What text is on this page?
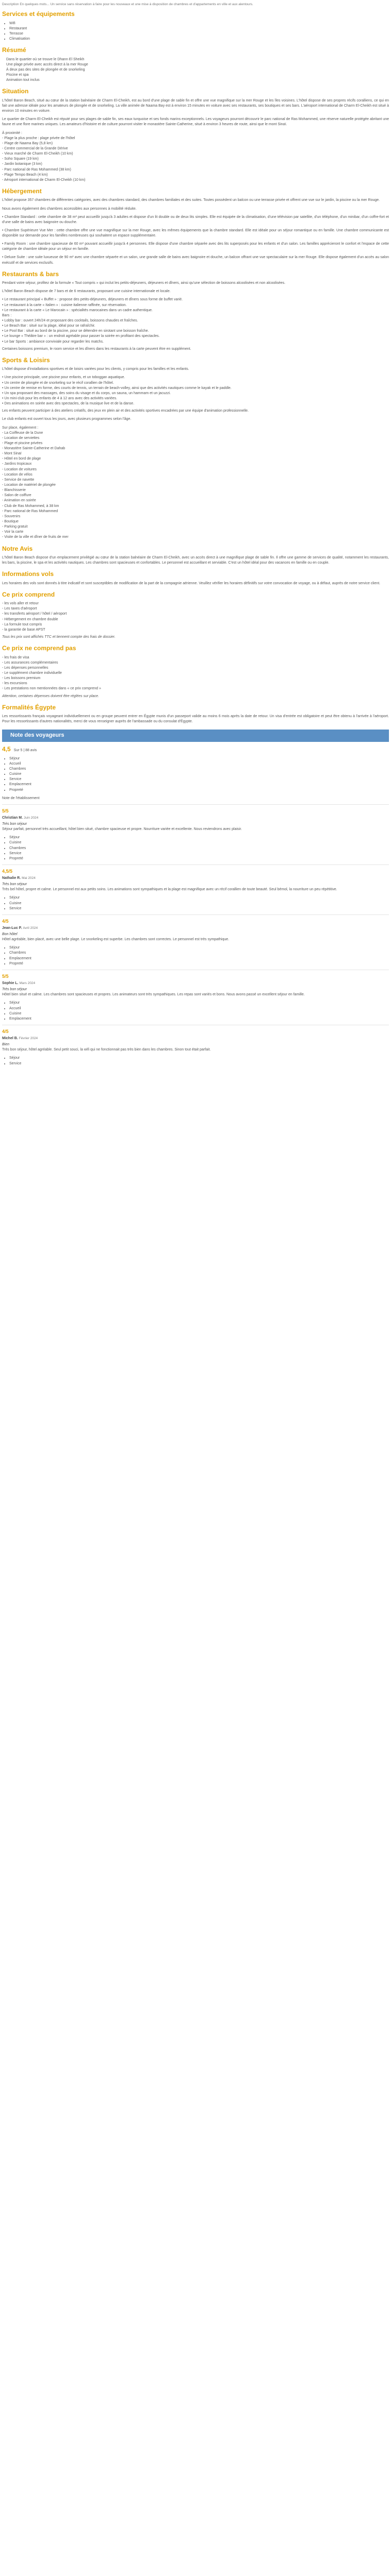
Description En quelques mots... Un service sans réservation à faire pour les nouveaux et une mise à disposition de chambres et d'appartements en ville et aux alentours.

Services et équipements
• Wifi
• Restaurant
• Terrasse
• Climatisation
Résumé
Dans le quartier où se trouve le Dhann El Sheikh
Une plage privée avec accès direct à la mer Rouge
À deux pas des sites de plongée et de snorkeling
Piscine et spa
Animation tout inclus
Situation

L'hôtel Baron Beach, situé au cœur de la station balnéaire de Charm El-Cheikh, est au bord d'une plage de sable fin et offre une vue magnifique sur la mer Rouge et les îles voisines. L'hôtel dispose de ses propres récifs coralliens, ce qui en fait une adresse idéale pour les amateurs de plongée et de snorkeling. La ville animée de Naama Bay est à environ 15 minutes en voiture avec ses restaurants, ses boutiques et ses bars. L'aéroport international de Charm El-Cheikh est situé à environ 10 minutes en voiture.

Le quartier de Charm El-Cheikh est réputé pour ses plages de sable fin, ses eaux turquoise et ses fonds marins exceptionnels. Les voyageurs pourront découvrir le parc national de Ras Mohammed, une réserve naturelle protégée abritant une faune et une flore marines uniques. Les amateurs d'histoire et de culture pourront visiter le monastère Sainte-Catherine, situé à environ 3 heures de route, ainsi que le mont Sinaï.

À proximité :
- Plage la plus proche : plage privée de l'hôtel
- Plage de Naama Bay (5,8 km)
- Centre commercial de la Grande Dérive
- Vieux marché de Charm El-Cheikh (10 km)
- Soho Square (19 km)
- Jardin botanique (3 km)
- Parc national de Ras Mohammed (38 km)
- Plage Tempo Beach (4 km)
- Aéroport international de Charm El-Cheikh (10 km)
Hébergement

L'hôtel propose 357 chambres de différentes catégories, avec des chambres standard, des chambres familiales et des suites. Toutes possèdent un balcon ou une terrasse privée et offrent une vue sur le jardin, la piscine ou la mer Rouge.

Nous avons également des chambres accessibles aux personnes à mobilité réduite.

• Chambre Standard : cette chambre de 38 m² peut accueillir jusqu'à 3 adultes et dispose d'un lit double ou de deux lits simples. Elle est équipée de la climatisation, d'une télévision par satellite, d'un téléphone, d'un minibar, d'un coffre-fort et d'une salle de bains avec baignoire ou douche.

• Chambre Supérieure Vue Mer : cette chambre offre une vue magnifique sur la mer Rouge, avec les mêmes équipements que la chambre standard. Elle est idéale pour un séjour romantique ou en famille. Une chambre communicante est disponible sur demande pour les familles nombreuses qui souhaitent un espace supplémentaire.

• Family Room : une chambre spacieuse de 60 m² pouvant accueillir jusqu'à 4 personnes. Elle dispose d'une chambre séparée avec des lits superposés pour les enfants et d'un salon. Les familles apprécieront le confort et l'espace de cette catégorie de chambre idéale pour un séjour en famille.

• Deluxe Suite : une suite luxueuse de 90 m² avec une chambre séparée et un salon, une grande salle de bains avec baignoire et douche, un balcon offrant une vue spectaculaire sur la mer Rouge. Elle dispose également d'un accès au salon exécutif et de services exclusifs.

Restaurants & bars

Pendant votre séjour, profitez de la formule « Tout compris » qui inclut les petits-déjeuners, déjeuners et dîners, ainsi qu'une sélection de boissons alcoolisées et non alcoolisées.

L'hôtel Baron Beach dispose de 7 bars et de 6 restaurants, proposant une cuisine internationale et locale.

• Le restaurant principal « Buffet » : propose des petits-déjeuners, déjeuners et dîners sous forme de buffet varié.
• Le restaurant à la carte « Italien » : cuisine italienne raffinée, sur réservation.
• Le restaurant à la carte « Le Marocain » : spécialités marocaines dans un cadre authentique.
Bars :
• Lobby bar : ouvert 24h/24 et proposant des cocktails, boissons chaudes et fraîches.
• Le Beach Bar : situé sur la plage, idéal pour se rafraîchir.
• Le Pool Bar : situé au bord de la piscine, pour se détendre en sirotant une boisson fraîche.
• Le lounge « Théâtre bar » : un endroit agréable pour passer la soirée en profitant des spectacles.
• Le bar Sports : ambiance conviviale pour regarder les matchs.

Certaines boissons premium, le room service et les dîners dans les restaurants à la carte peuvent être en supplément.

Sports & Loisirs

L'hôtel dispose d'installations sportives et de loisirs variées pour les clients, y compris pour les familles et les enfants.

• Une piscine principale, une piscine pour enfants, et un toboggan aquatique.
• Un centre de plongée et de snorkeling sur le récif corallien de l'hôtel.
• Un centre de remise en forme, des courts de tennis, un terrain de beach-volley, ainsi que des activités nautiques comme le kayak et le paddle.
• Un spa proposant des massages, des soins du visage et du corps, un sauna, un hammam et un jacuzzi.
• Un mini-club pour les enfants de 4 à 12 ans avec des activités variées.
• Des animations en soirée avec des spectacles, de la musique live et de la danse.

Les enfants peuvent participer à des ateliers créatifs, des jeux en plein air et des activités sportives encadrées par une équipe d'animation professionnelle.

Le club enfants est ouvert tous les jours, avec plusieurs programmes selon l'âge.

Sur place, également :
- La Coiffeuse de la Dune
- Location de serviettes
- Plage et piscine privées
- Monastère Sainte-Catherine et Dahab
- Mont Sinaï
- Hôtel en bord de plage
- Jardins tropicaux
- Location de voitures
- Location de vélos
- Service de navette
- Location de matériel de plongée
- Blanchisserie
- Salon de coiffure
- Animation en soirée
- Club de Ras Mohammed, à 38 km
- Parc national de Ras Mohammed
- Souvenirs
- Boutique
- Parking gratuit
- Voir la carte
- Visite de la ville et dîner de fruits de mer
Notre Avis

L'hôtel Baron Beach dispose d'un emplacement privilégié au cœur de la station balnéaire de Charm El-Cheikh, avec un accès direct à une magnifique plage de sable fin. Il offre une gamme de services de qualité, notamment les restaurants, les bars, la piscine, le spa et les activités nautiques. Les chambres sont spacieuses et confortables. Le personnel est accueillant et serviable. C'est un hôtel idéal pour des vacances en famille ou en couple.

Informations vols

Les horaires des vols sont donnés à titre indicatif et sont susceptibles de modification de la part de la compagnie aérienne. Veuillez vérifier les horaires définitifs sur votre convocation de voyage, ou à défaut, auprès de notre service client.

Ce prix comprend
- les vols aller et retour
- Les taxes d'aéroport
- les transferts aéroport / hôtel / aéroport
- Hébergement en chambre double
- La formule tout compris
- la garantie de base APST

Tous les prix sont affichés TTC et tiennent compte des frais de dossier.

Ce prix ne comprend pas
- les frais de visa
- Les assurances complémentaires
- Les dépenses personnelles
- Le supplément chambre individuelle
- Les boissons premium
- les excursions
- Les prestations non mentionnées dans « ce prix comprend »

Attention, certaines dépenses doivent être réglées sur place.

Formalités Égypte

Les ressortissants français voyageant individuellement ou en groupe peuvent entrer en Égypte munis d'un passeport valide au moins 6 mois après la date de retour. Un visa d'entrée est obligatoire et peut être obtenu à l'arrivée à l'aéroport. Pour les ressortissants d'autres nationalités, merci de vous renseigner auprès de l'ambassade ou du consulat d'Égypte.

Note des voyageurs
4,5 Sur 5 | 88 avis
• Séjour
• Accueil
• Chambres
• Cuisine
• Service
• Emplacement
• Propreté

Note de l'établissement

5/5
Christian M. Juin 2024
Très bon séjour

Séjour parfait, personnel très accueillant, hôtel bien situé, chambre spacieuse et propre. Nourriture variée et excellente. Nous reviendrons avec plaisir.

• Séjour
• Cuisine
• Chambres
• Service
• Propreté
4,5/5
Nathalie R. Mai 2024
Très bon séjour

Très bel hôtel, propre et calme. Le personnel est aux petits soins. Les animations sont sympathiques et la plage est magnifique avec un récif corallien de toute beauté. Seul bémol, la nourriture un peu répétitive.

• Séjour
• Cuisine
• Service
4/5
Jean-Luc P. Avril 2024
Bon hôtel

Hôtel agréable, bien placé, avec une belle plage. Le snorkeling est superbe. Les chambres sont correctes. Le personnel est très sympathique.

• Séjour
• Chambres
• Emplacement
• Propreté
5/5
Sophie L. Mars 2024
Très bon séjour

Hôtel bien situé et calme. Les chambres sont spacieuses et propres. Les animateurs sont très sympathiques. Les repas sont variés et bons. Nous avons passé un excellent séjour en famille.

• Séjour
• Accueil
• Cuisine
• Emplacement
4/5
Michel B. Février 2024
Bien

Très bon séjour, hôtel agréable. Seul petit souci, la wifi qui ne fonctionnait pas très bien dans les chambres. Sinon tout était parfait.

• Séjour
• Service
